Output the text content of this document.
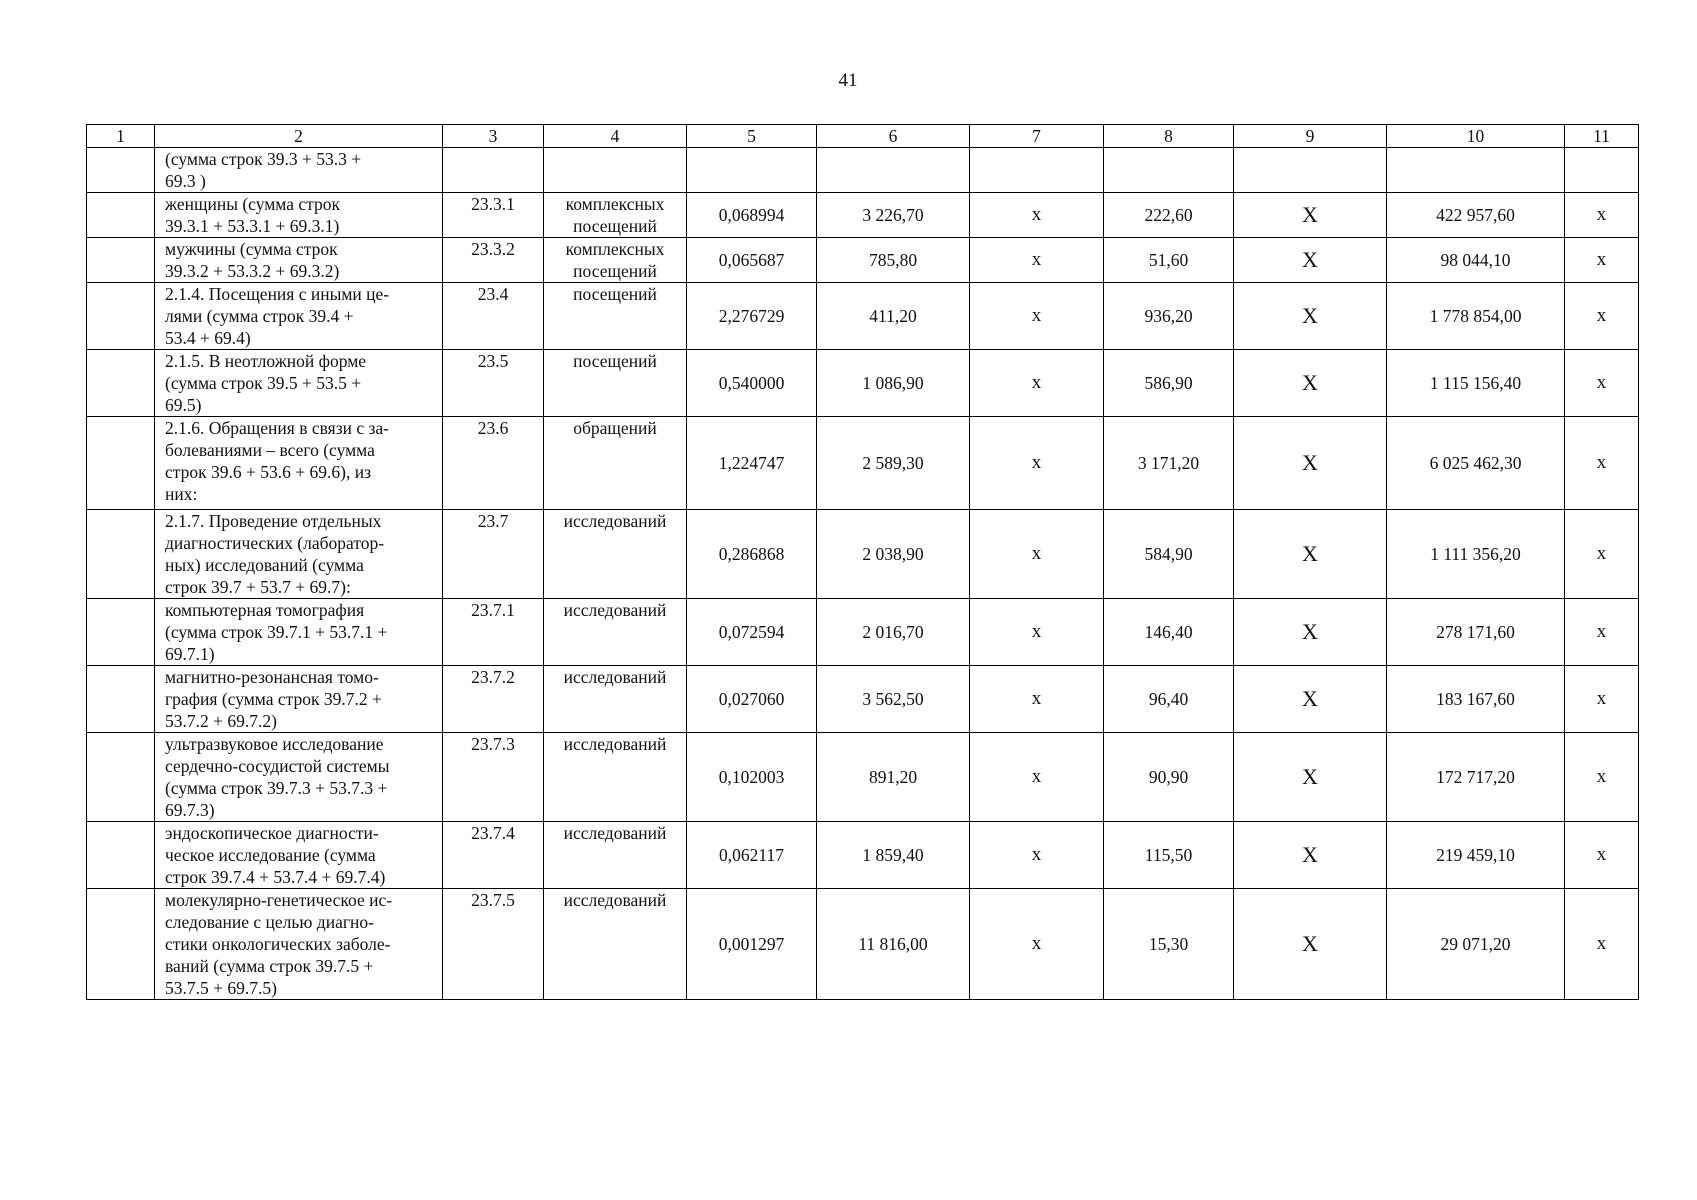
41
1	2	3	4	5	6	7	8	9	10	11
	(сумма строк 39.3 + 53.3 +
69.3 )									
	женщины (сумма строк
39.3.1 + 53.3.1 + 69.3.1)	23.3.1	комплексных
посещений	0,068994	3 226,70	х	222,60	Х	422 957,60	х
	мужчины (сумма строк
39.3.2 + 53.3.2 + 69.3.2)	23.3.2	комплексных
посещений	0,065687	785,80	х	51,60	Х	98 044,10	х
	2.1.4. Посещения с иными це-
лями (сумма строк 39.4 +
53.4 + 69.4)	23.4	посещений	2,276729	411,20	х	936,20	Х	1 778 854,00	х
	2.1.5. В неотложной форме
(сумма строк 39.5 + 53.5 +
69.5)	23.5	посещений	0,540000	1 086,90	х	586,90	Х	1 115 156,40	х
	2.1.6. Обращения в связи с за-
болеваниями – всего (сумма
строк 39.6 + 53.6 + 69.6), из
них:	23.6	обращений	1,224747	2 589,30	х	3 171,20	Х	6 025 462,30	х
	2.1.7. Проведение отдельных
диагностических (лаборатор-
ных) исследований (сумма
строк 39.7 + 53.7 + 69.7):	23.7	исследований	0,286868	2 038,90	х	584,90	Х	1 111 356,20	х
	компьютерная томография
(сумма строк 39.7.1 + 53.7.1 +
69.7.1)	23.7.1	исследований	0,072594	2 016,70	х	146,40	Х	278 171,60	х
	магнитно-резонансная томо-
графия (сумма строк 39.7.2 +
53.7.2 + 69.7.2)	23.7.2	исследований	0,027060	3 562,50	х	96,40	Х	183 167,60	х
	ультразвуковое исследование
сердечно-сосудистой системы
(сумма строк 39.7.3 + 53.7.3 +
69.7.3)	23.7.3	исследований	0,102003	891,20	х	90,90	Х	172 717,20	х
	эндоскопическое диагности-
ческое исследование (сумма
строк 39.7.4 + 53.7.4 + 69.7.4)	23.7.4	исследований	0,062117	1 859,40	х	115,50	Х	219 459,10	х
	молекулярно-генетическое ис-
следование с целью диагно-
стики онкологических заболе-
ваний (сумма строк 39.7.5 +
53.7.5 + 69.7.5)	23.7.5	исследований	0,001297	11 816,00	х	15,30	Х	29 071,20	х
